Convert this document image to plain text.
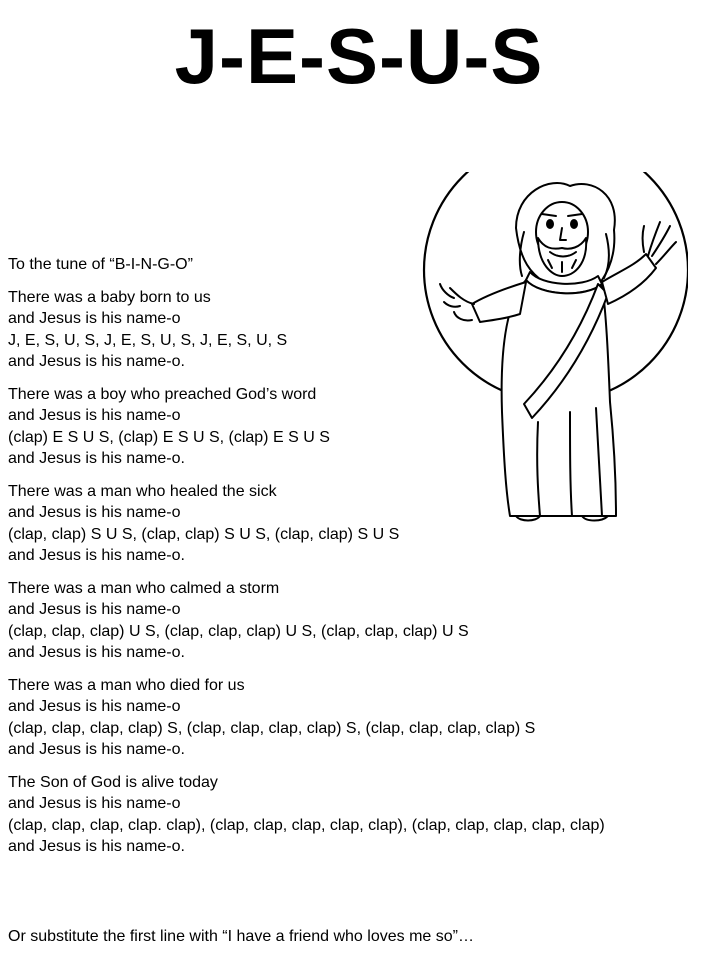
J-E-S-U-S
To the tune of “B-I-N-G-O”
There was a baby born to us
and Jesus is his name-o
J, E, S, U, S, J, E, S, U, S, J, E, S, U, S
and Jesus is his name-o.
There was a boy who preached God’s word
and Jesus is his name-o
(clap) E S U S, (clap) E S U S, (clap) E S U S
and Jesus is his name-o.
There was a man who healed the sick
and Jesus is his name-o
(clap, clap) S U S, (clap, clap) S U S, (clap, clap) S U S
and Jesus is his name-o.
There was a man who calmed a storm
and Jesus is his name-o
(clap, clap, clap) U S, (clap, clap, clap) U S, (clap, clap, clap) U S
and Jesus is his name-o.
There was a man who died for us
and Jesus is his name-o
(clap, clap, clap, clap) S, (clap, clap, clap, clap) S, (clap, clap, clap, clap) S
and Jesus is his name-o.
The Son of God is alive today
and Jesus is his name-o
(clap, clap, clap, clap. clap), (clap, clap, clap, clap, clap), (clap, clap, clap, clap, clap)
and Jesus is his name-o.
Or substitute the first line with “I have a friend who loves me so”…
